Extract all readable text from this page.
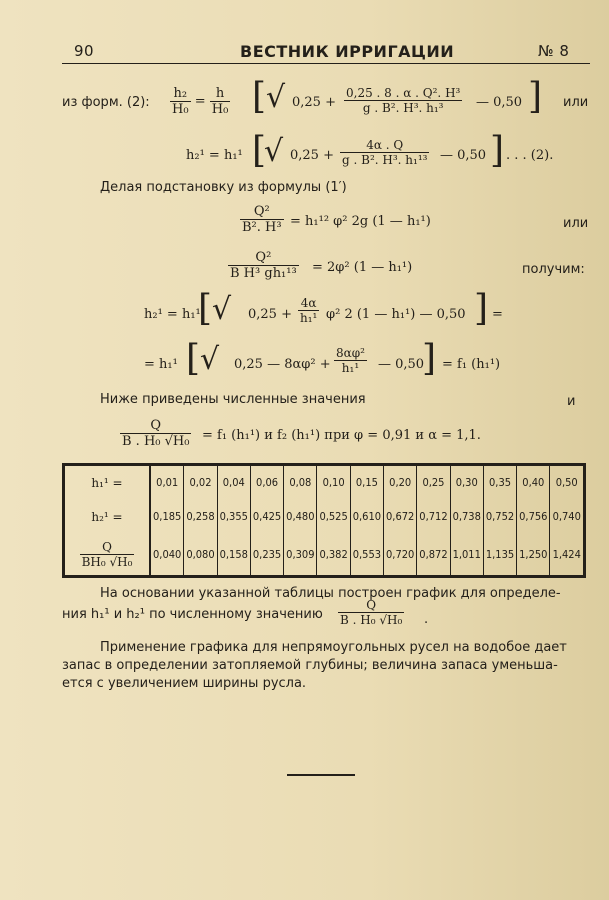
90	ВЕСТНИК ИРРИГАЦИИ	№ 8
из форм. (2): $\frac{\text{h₂}}{\text{H₀}} = \frac{h}{\text{H₀}}$ [ √ $0,25 + \frac{\text{0,25 . 8 . α . Q². H³}}{\text{g . B². H³. h₁³}}$ — 0,50 ] или
h₂¹ = h₁¹ [
√ $0,25 + \frac{4\alpha . Q}{\text{g . B². H³. h₁¹³}}$ — 0,50 ] . . . (2).
Делая подстановку из формулы (1′)
$\frac{\text{Q²}}{\text{B². H³}} = h_1^{12}$ φ² 2g (1 — h₁¹)	или
$\frac{\text{Q²}}{\text{B H³ gh₁¹³}} = 2\varphi^2$ (1 — h₁¹)	получим:
h₂¹ = h₁¹
[ √ $0,25 + \frac{4\alpha}{\text{h₁¹}} \varphi^2$ 2 (1 — h₁¹) — 0,50 ] =
= h₁¹ [ √ 0,25 — $8\alpha\varphi^2 + \frac{\text{8αφ²}}{\text{h₁¹}}$ — 0,50
] = f₁ (h₁¹)
Ниже приведены численные значения	и
$\frac{Q}{\text{B . H₀ √H₀}} = f_1$ (h₁¹) и f₂ (h₁¹) при φ = 0,91 и α = 1,1.
h₁¹ =	0,01	0,02	0,04	0,06	0,08	0,10	0,15	0,20	0,25	0,30	0,35	0,40	0,50
h₂¹ =	0,185	0,258	0,355	0,425	0,480	0,525	0,610	0,672	0,712	0,738	0,752	0,756	0,740

$\frac{Q}{\text{BH₀ √H₀}}$	0,040	0,080	0,158	0,235	0,309	0,382	0,553	0,720	0,872	1,011	1,135	1,250	1,424
На основании указанной таблицы построен график для определе-
ния h₁¹ и h₂¹ по численному значению $\frac{Q}{\text{B . H₀ √H₀}}$ .
Применение графика для непрямоугольных русел на водобое дает
запас в определении затопляемой глубины; величина запаса уменьша-
ется с увеличением ширины русла.
